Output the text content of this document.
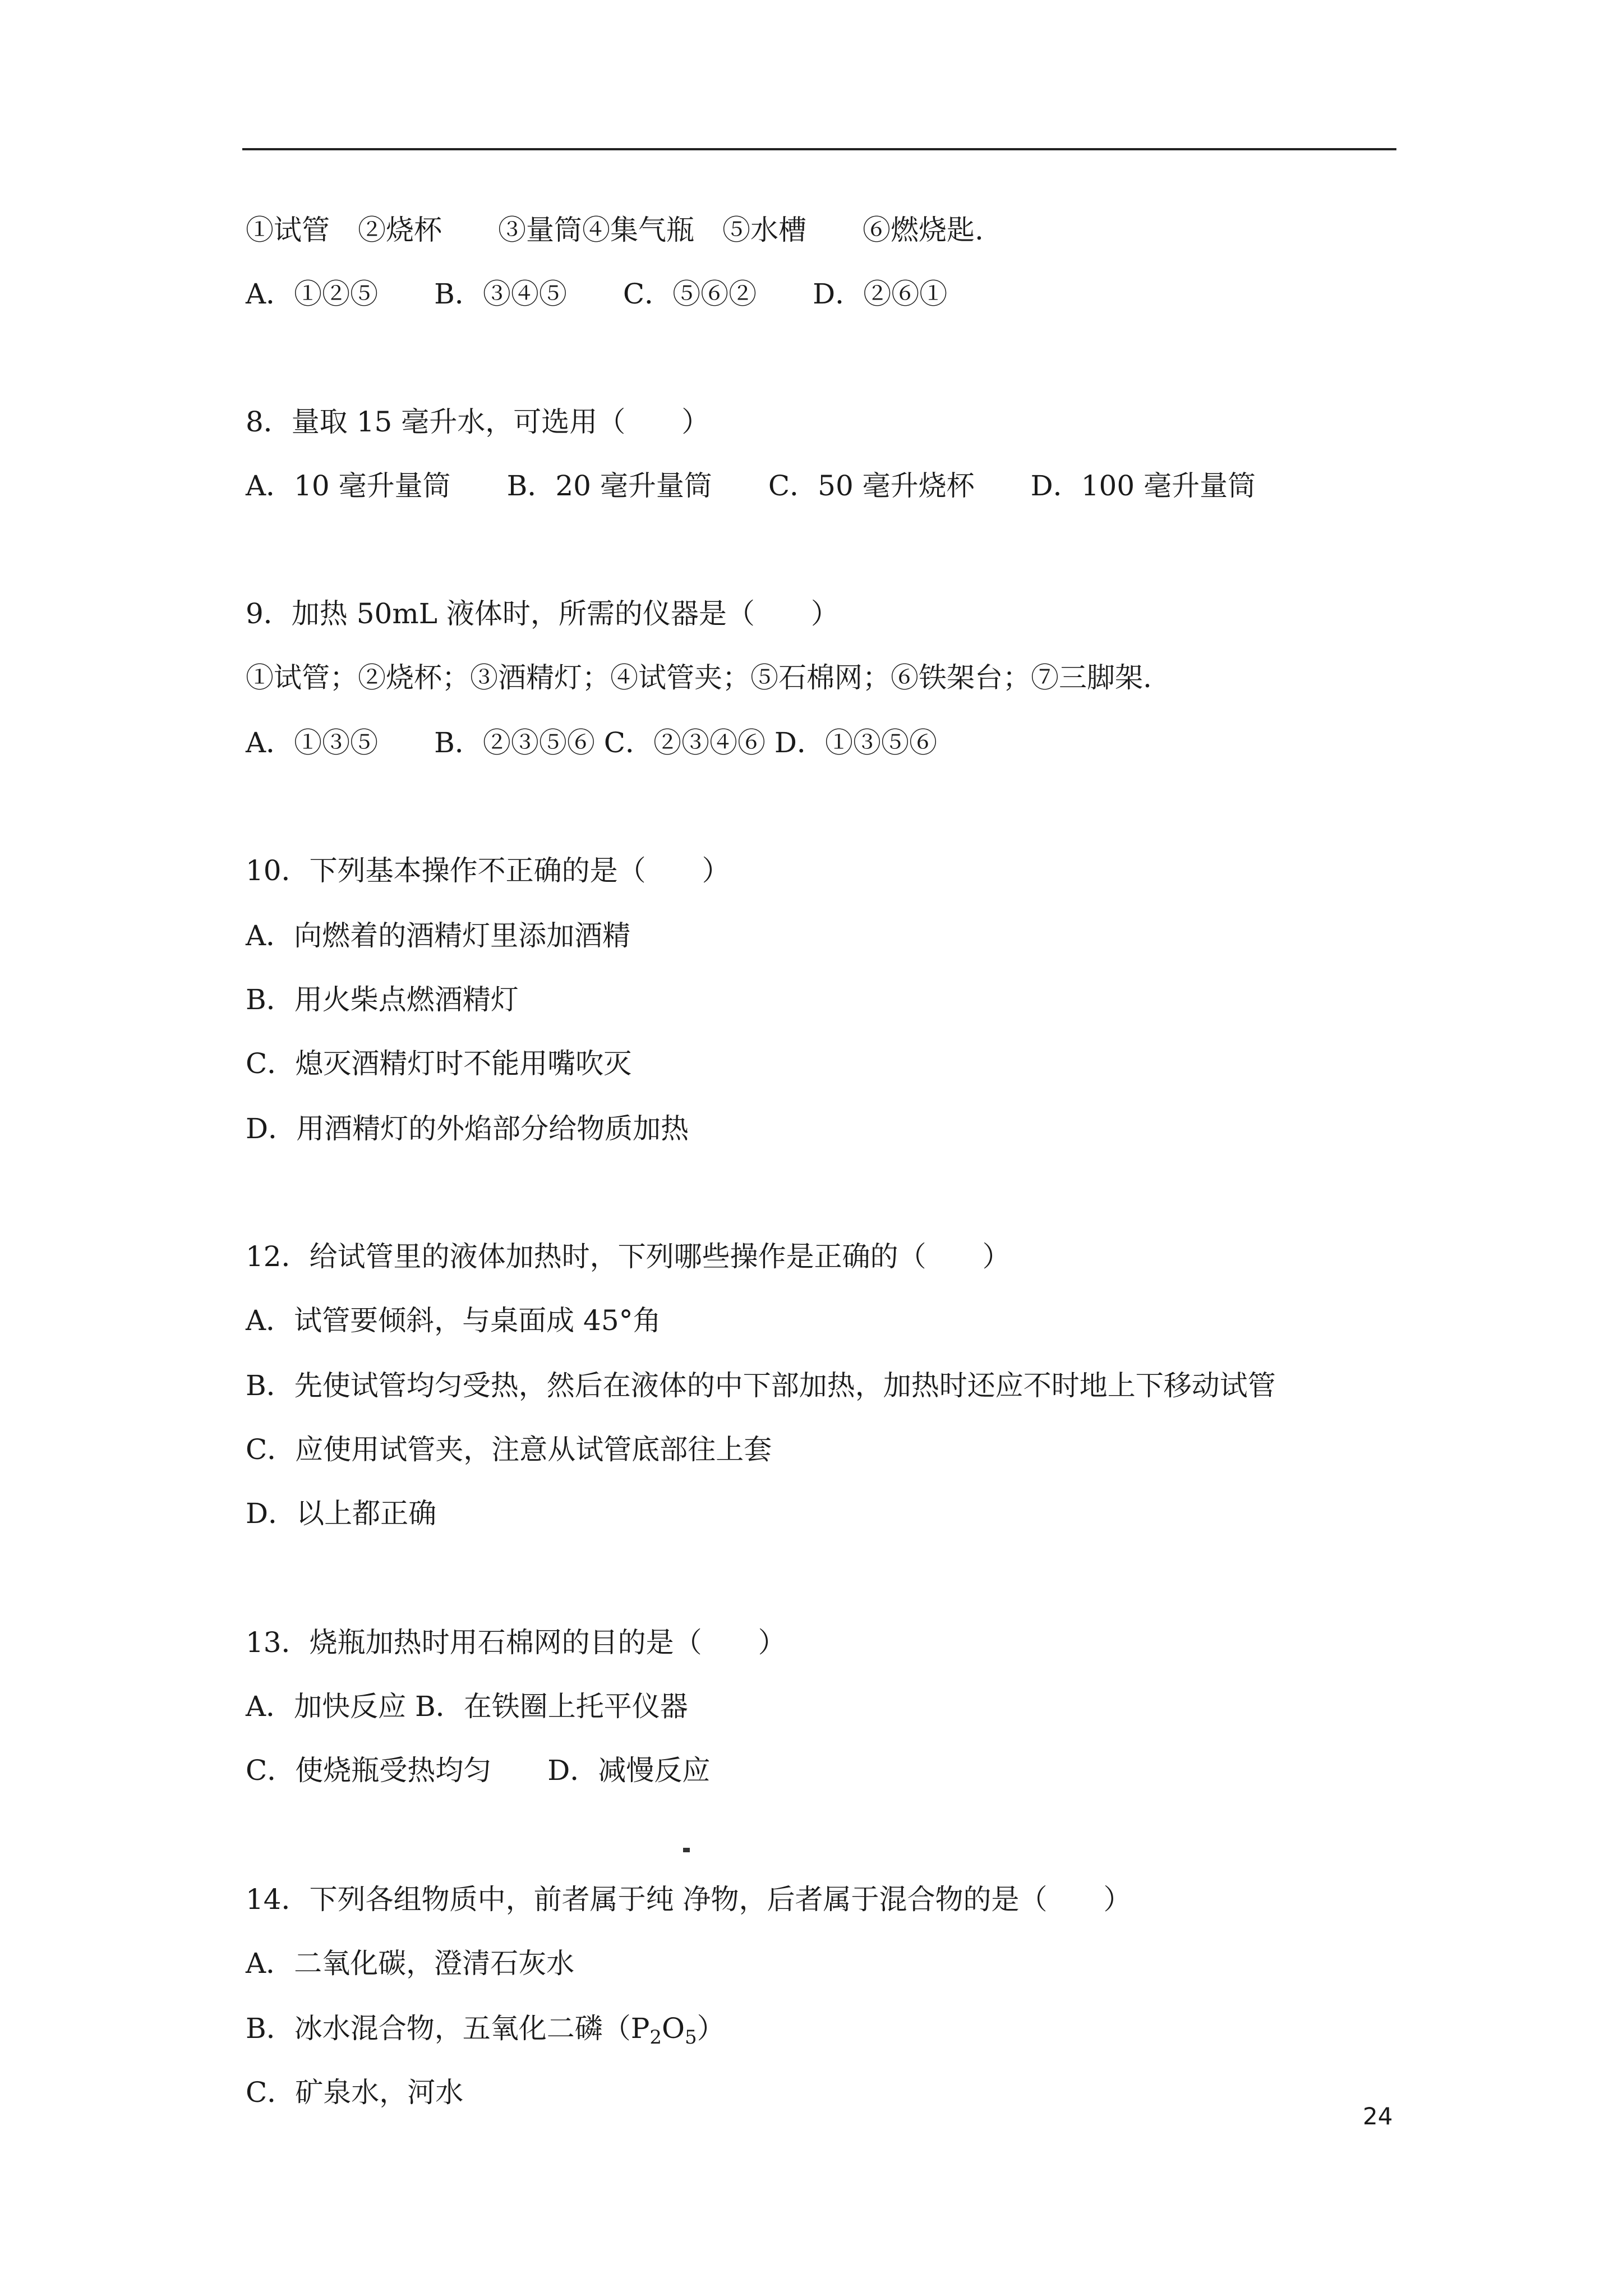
①试管　②烧杯　　③量筒④集气瓶　⑤水槽　　⑥燃烧匙.
A．①②⑤　　B．③④⑤　　C．⑤⑥②　　D．②⑥①
8．量取 15 毫升水，可选用（　　）
A．10 毫升量筒　　B．20 毫升量筒　　C．50 毫升烧杯　　D．100 毫升量筒
9．加热 50mL 液体时，所需的仪器是（　　）
①试管；②烧杯；③酒精灯；④试管夹；⑤石棉网；⑥铁架台；⑦三脚架.
A．①③⑤　　B．②③⑤⑥ C．②③④⑥ D．①③⑤⑥
10．下列基本操作不正确的是（　　）
A．向燃着的酒精灯里添加酒精
B．用火柴点燃酒精灯
C．熄灭酒精灯时不能用嘴吹灭
D．用酒精灯的外焰部分给物质加热
12．给试管里的液体加热时，下列哪些操作是正确的（　　）
A．试管要倾斜，与桌面成 45°角
B．先使试管均匀受热，然后在液体的中下部加热，加热时还应不时地上下移动试管
C．应使用试管夹，注意从试管底部往上套
D．以上都正确
13．烧瓶加热时用石棉网的目的是（　　）
A．加快反应 B．在铁圈上托平仪器
C．使烧瓶受热均匀　　D．减慢反应
14．下列各组物质中，前者属于纯 净物，后者属于混合物的是（　　）
A．二氧化碳，澄清石灰水
B．冰水混合物，五氧化二磷$(P_2O_5)$
C．矿泉水，河水
24
